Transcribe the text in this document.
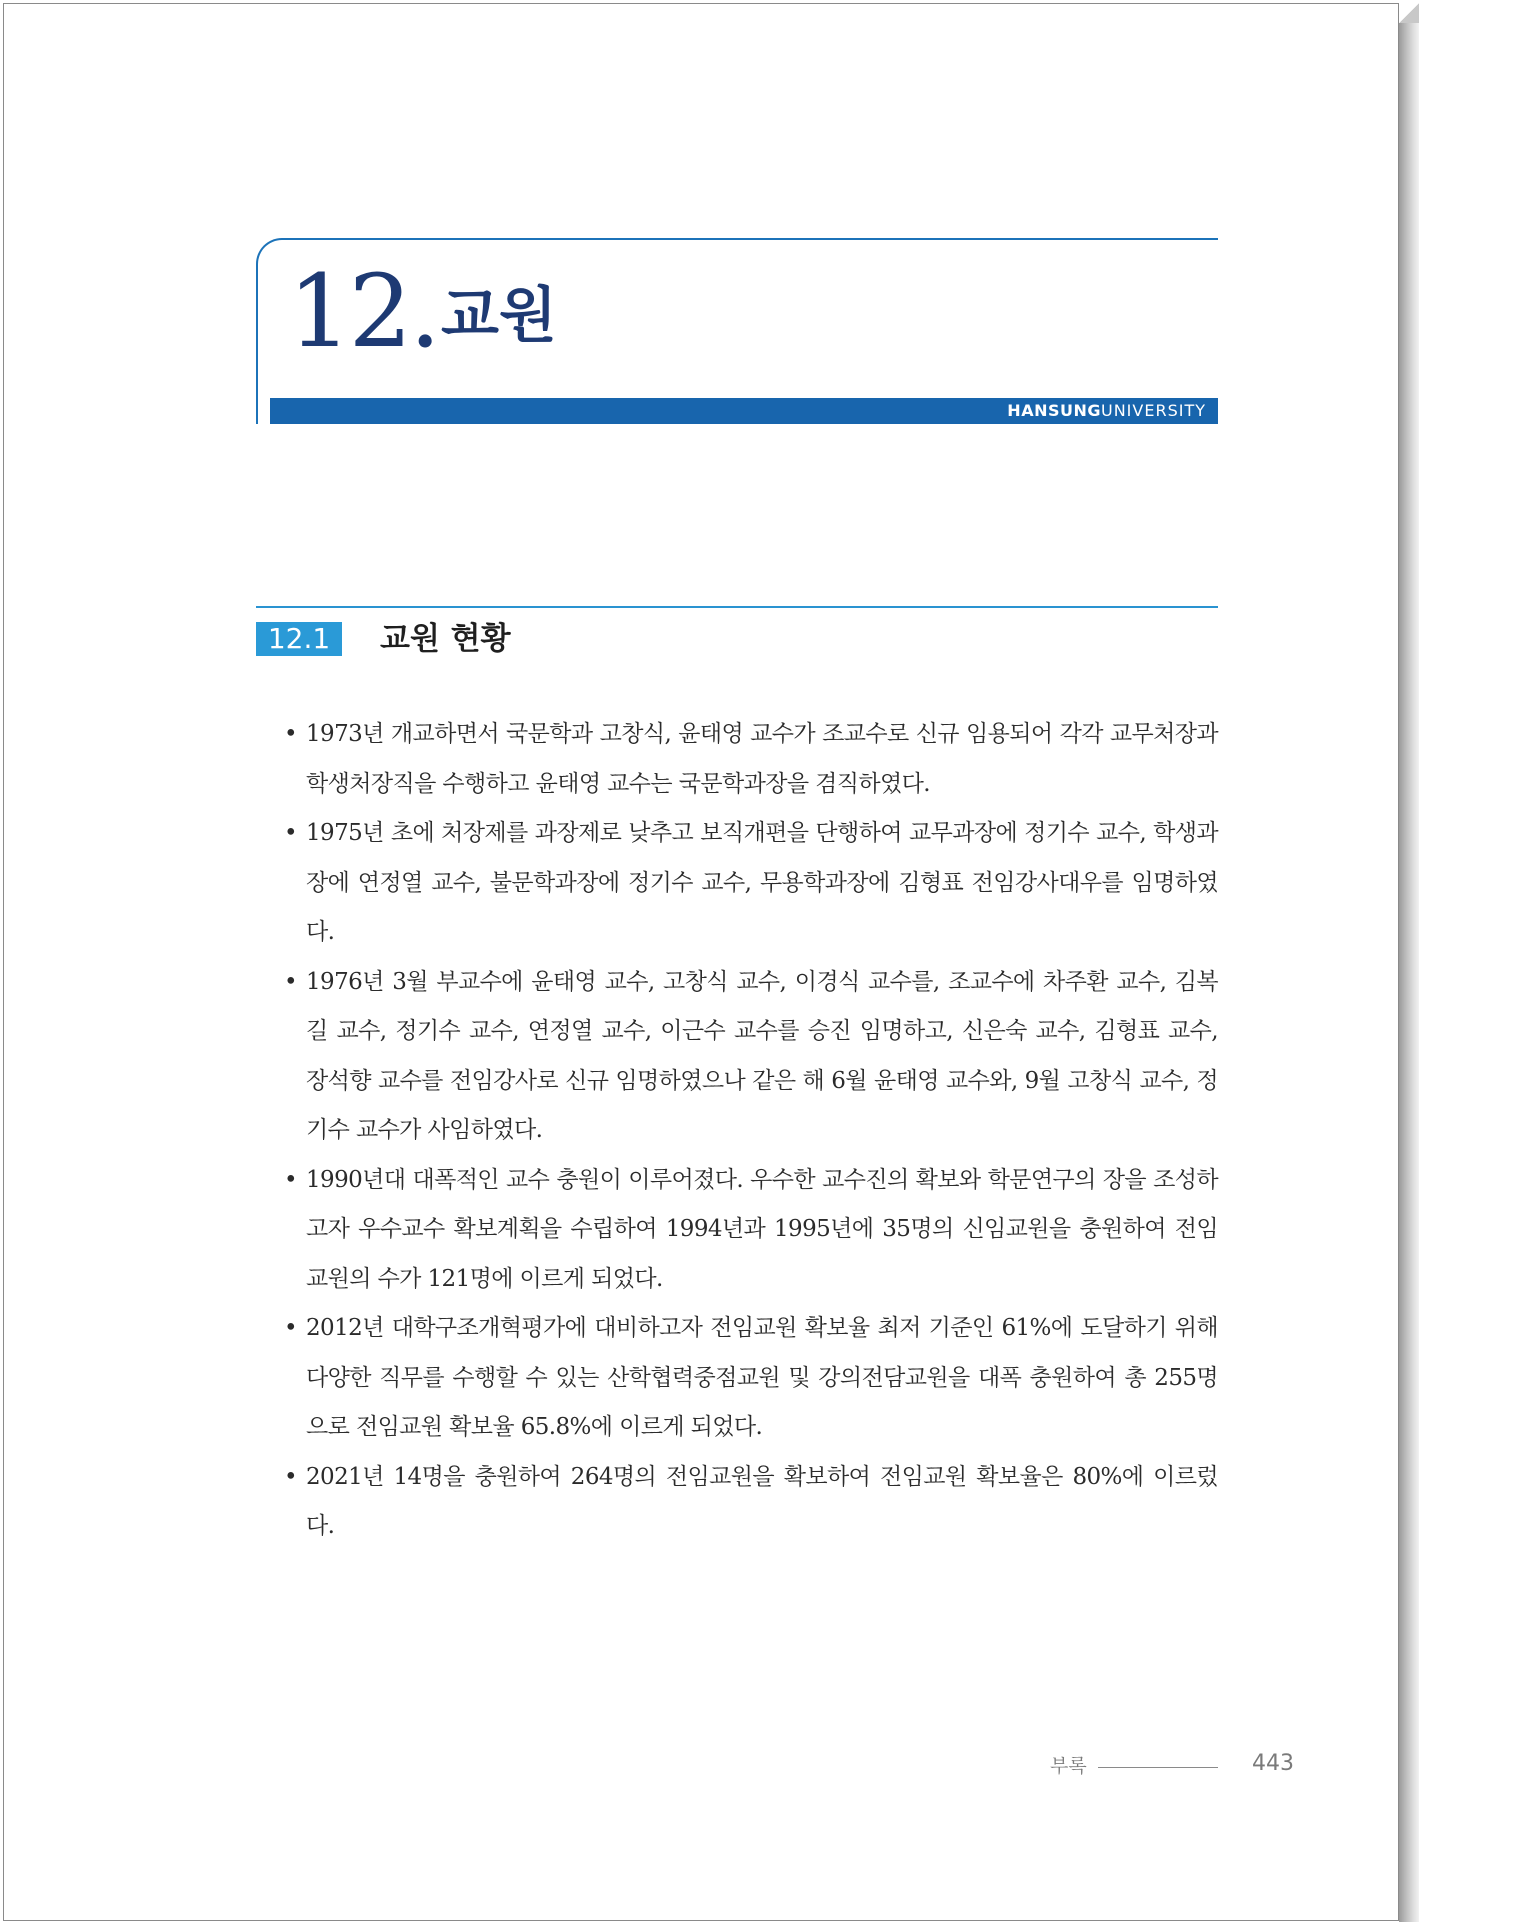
12. 교원
HANSUNGUNIVERSITY
12.1	교원 현황
• 1973년 개교하면서 국문학과 고창식, 윤태영 교수가 조교수로 신규 임용되어 각각 교무처장과 학생처장직을 수행하고 윤태영 교수는 국문학과장을 겸직하였다.
• 1975년 초에 처장제를 과장제로 낮추고 보직개편을 단행하여 교무과장에 정기수 교수, 학생과장에 연정열 교수, 불문학과장에 정기수 교수, 무용학과장에 김형표 전임강사대우를 임명하였다.
• 1976년 3월 부교수에 윤태영 교수, 고창식 교수, 이경식 교수를, 조교수에 차주환 교수, 김복길 교수, 정기수 교수, 연정열 교수, 이근수 교수를 승진 임명하고, 신은숙 교수, 김형표 교수, 장석향 교수를 전임강사로 신규 임명하였으나 같은 해 6월 윤태영 교수와, 9월 고창식 교수, 정기수 교수가 사임하였다.
• 1990년대 대폭적인 교수 충원이 이루어졌다. 우수한 교수진의 확보와 학문연구의 장을 조성하고자 우수교수 확보계획을 수립하여 1994년과 1995년에 35명의 신임교원을 충원하여 전임교원의 수가 121명에 이르게 되었다.
• 2012년 대학구조개혁평가에 대비하고자 전임교원 확보율 최저 기준인 61%에 도달하기 위해 다양한 직무를 수행할 수 있는 산학협력중점교원 및 강의전담교원을 대폭 충원하여 총 255명으로 전임교원 확보율 65.8%에 이르게 되었다.
• 2021년 14명을 충원하여 264명의 전임교원을 확보하여 전임교원 확보율은 80%에 이르렀다.
부록	443
